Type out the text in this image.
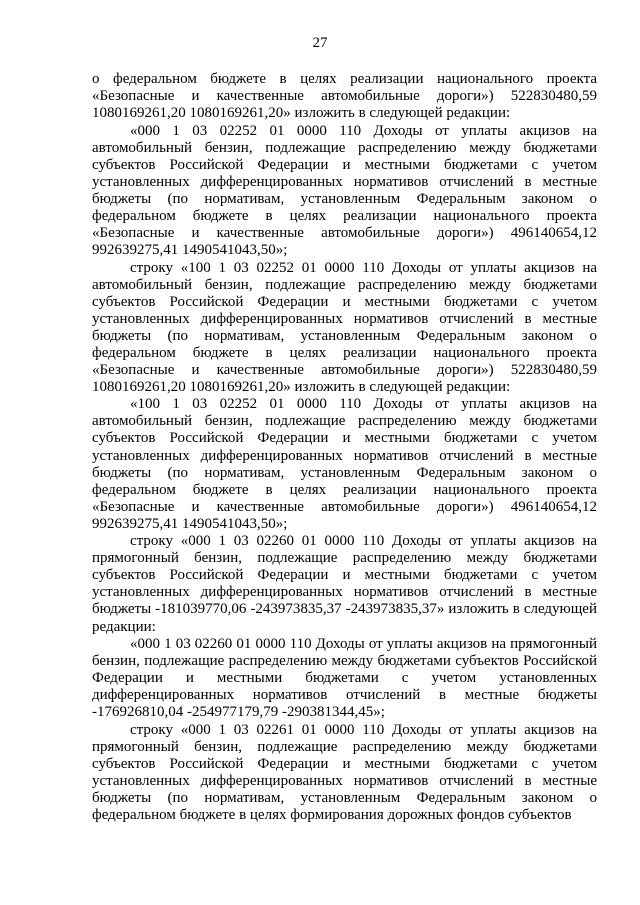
27

о федеральном бюджете в целях реализации национального проекта «Безопасные и качественные автомобильные дороги») 522830480,59 1080169261,20 1080169261,20» изложить в следующей редакции:

«000 1 03 02252 01 0000 110 Доходы от уплаты акцизов на автомобильный бензин, подлежащие распределению между бюджетами субъектов Российской Федерации и местными бюджетами с учетом установленных дифференцированных нормативов отчислений в местные бюджеты (по нормативам, установленным Федеральным законом о федеральном бюджете в целях реализации национального проекта «Безопасные и качественные автомобильные дороги») 496140654,12 992639275,41 1490541043,50»;

строку «100 1 03 02252 01 0000 110 Доходы от уплаты акцизов на автомобильный бензин, подлежащие распределению между бюджетами субъектов Российской Федерации и местными бюджетами с учетом установленных дифференцированных нормативов отчислений в местные бюджеты (по нормативам, установленным Федеральным законом о федеральном бюджете в целях реализации национального проекта «Безопасные и качественные автомобильные дороги») 522830480,59 1080169261,20 1080169261,20» изложить в следующей редакции:

«100 1 03 02252 01 0000 110 Доходы от уплаты акцизов на автомобильный бензин, подлежащие распределению между бюджетами субъектов Российской Федерации и местными бюджетами с учетом установленных дифференцированных нормативов отчислений в местные бюджеты (по нормативам, установленным Федеральным законом о федеральном бюджете в целях реализации национального проекта «Безопасные и качественные автомобильные дороги») 496140654,12 992639275,41 1490541043,50»;

строку «000 1 03 02260 01 0000 110 Доходы от уплаты акцизов на прямогонный бензин, подлежащие распределению между бюджетами субъектов Российской Федерации и местными бюджетами с учетом установленных дифференцированных нормативов отчислений в местные бюджеты -181039770,06 -243973835,37 -243973835,37» изложить в следующей редакции:

«000 1 03 02260 01 0000 110 Доходы от уплаты акцизов на прямогонный бензин, подлежащие распределению между бюджетами субъектов Российской Федерации и местными бюджетами с учетом установленных дифференцированных нормативов отчислений в местные бюджеты -176926810,04 -254977179,79 -290381344,45»;

строку «000 1 03 02261 01 0000 110 Доходы от уплаты акцизов на прямогонный бензин, подлежащие распределению между бюджетами субъектов Российской Федерации и местными бюджетами с учетом установленных дифференцированных нормативов отчислений в местные бюджеты (по нормативам, установленным Федеральным законом о федеральном бюджете в целях формирования дорожных фондов субъектов
